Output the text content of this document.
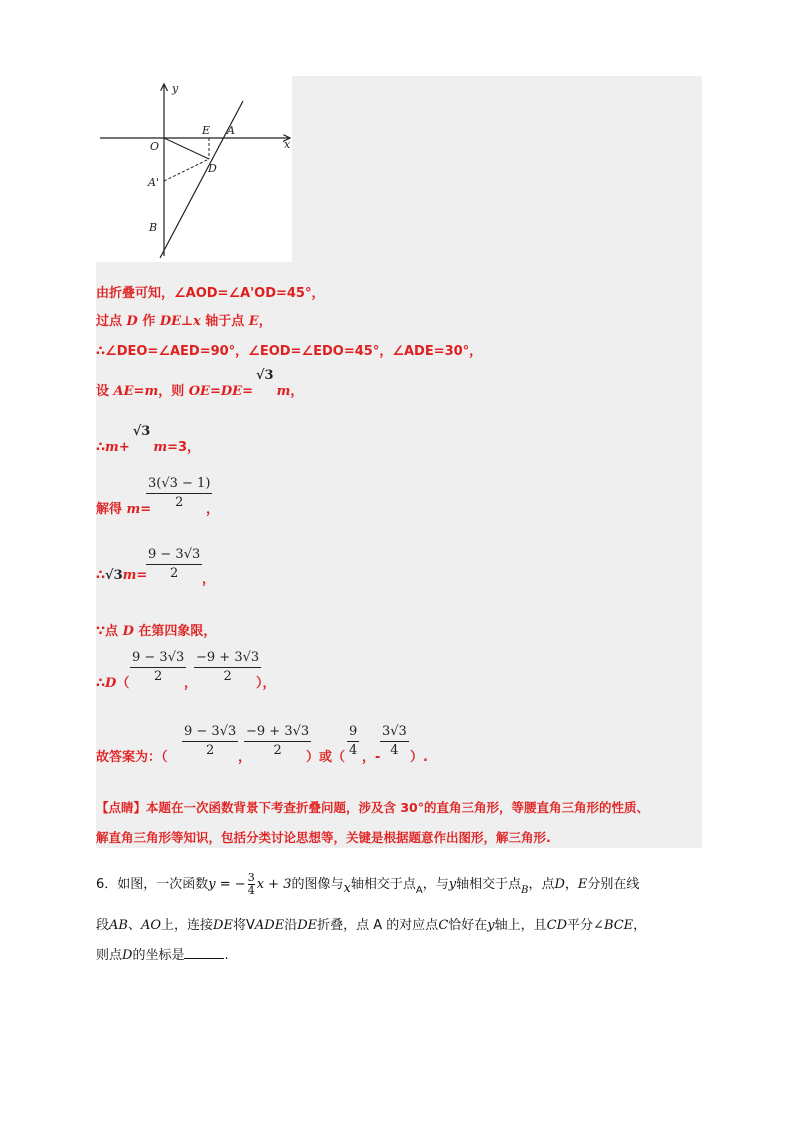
y
x
O
E A
D
A'
B
由折叠可知，∠AOD=∠A'OD=45°，
过点 D 作 DE⊥x 轴于点 E，
∴∠DEO=∠AED=90°，∠EOD=∠EDO=45°，∠ADE=30°，
设 AE=m，则 OE=DE=√3m，
∴m+√3m=3，
解得 m=
3(√3 − 1)
2	，
∴√3m=
9 − 3√3
2	，
∵点 D 在第四象限，
∴D（
9 − 3√3
2	，
−9 + 3√3
2	），
故答案为：（
9 − 3√3
2	，
−9 + 3√3
2	）或（
9
4 ，-
3√3
4 ）.
【点睛】本题在一次函数背景下考查折叠问题，涉及含 30°的直角三角形，等腰直角三角形的性质、
解直角三角形等知识，包括分类讨论思想等，关键是根据题意作出图形，解三角形.
6．如图，一次函数y = − $\frac{3}{4}$ x + 3的图像与x轴相交于点$_A$，与y轴相交于点$_B$，点D，E分别在线
段AB、AO上，连接DE将VADE沿DE折叠，点 A 的对应点C恰好在y轴上，且CD平分∠BCE，
则点D的坐标是	.
